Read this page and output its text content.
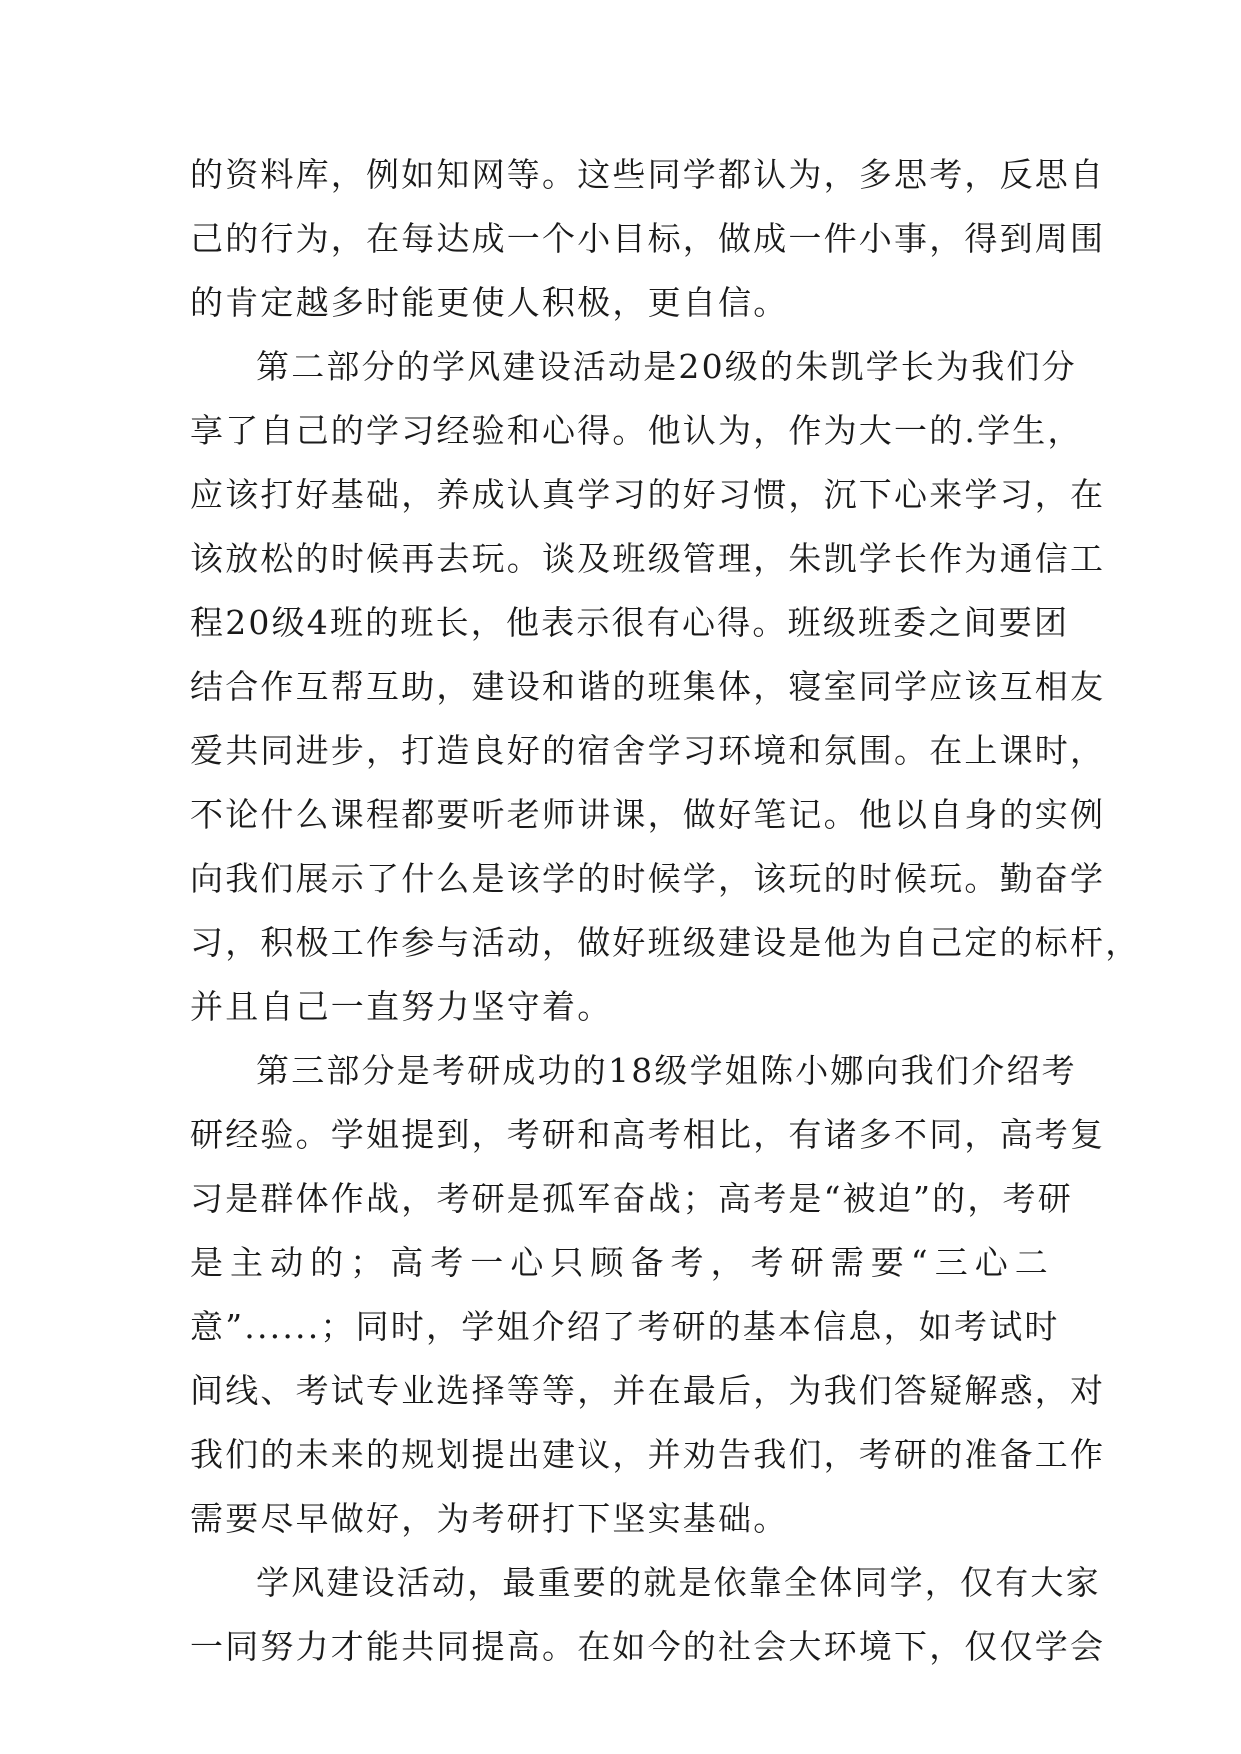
的资料库，例如知网等。这些同学都认为，多思考，反思自
己的行为，在每达成一个小目标，做成一件小事，得到周围
的肯定越多时能更使人积极，更自信。
第二部分的学风建设活动是20级的朱凯学长为我们分
享了自己的学习经验和心得。他认为，作为大一的.学生，
应该打好基础，养成认真学习的好习惯，沉下心来学习，在
该放松的时候再去玩。谈及班级管理，朱凯学长作为通信工
程20级4班的班长，他表示很有心得。班级班委之间要团
结合作互帮互助，建设和谐的班集体，寝室同学应该互相友
爱共同进步，打造良好的宿舍学习环境和氛围。在上课时，
不论什么课程都要听老师讲课，做好笔记。他以自身的实例
向我们展示了什么是该学的时候学，该玩的时候玩。勤奋学
习，积极工作参与活动，做好班级建设是他为自己定的标杆，
并且自己一直努力坚守着。
第三部分是考研成功的18级学姐陈小娜向我们介绍考
研经验。学姐提到，考研和高考相比，有诸多不同，高考复
习是群体作战，考研是孤军奋战；高考是“被迫”的，考研
是主动的；高考一心只顾备考，考研需要“三心二
意”......；同时，学姐介绍了考研的基本信息，如考试时
间线、考试专业选择等等，并在最后，为我们答疑解惑，对
我们的未来的规划提出建议，并劝告我们，考研的准备工作
需要尽早做好，为考研打下坚实基础。
学风建设活动，最重要的就是依靠全体同学，仅有大家
一同努力才能共同提高。在如今的社会大环境下，仅仅学会
